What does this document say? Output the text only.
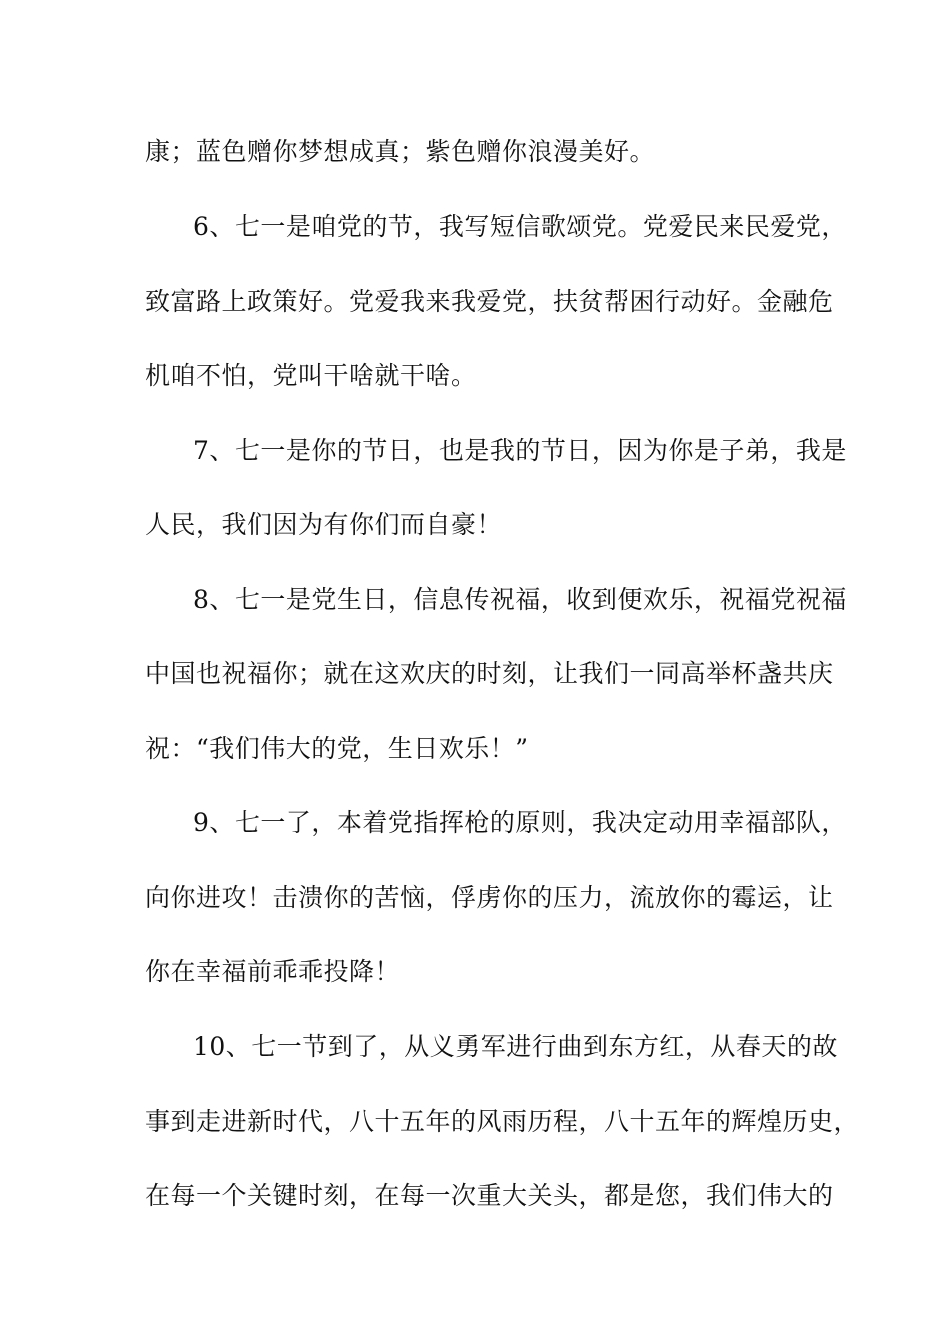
康；蓝色赠你梦想成真；紫色赠你浪漫美好。
6、七一是咱党的节，我写短信歌颂党。党爱民来民爱党，
致富路上政策好。党爱我来我爱党，扶贫帮困行动好。金融危
机咱不怕，党叫干啥就干啥。
7、七一是你的节日，也是我的节日，因为你是子弟，我是
人民，我们因为有你们而自豪！
8、七一是党生日，信息传祝福，收到便欢乐，祝福党祝福
中国也祝福你；就在这欢庆的时刻，让我们一同高举杯盏共庆
祝：“我们伟大的党，生日欢乐！”
9、七一了，本着党指挥枪的原则，我决定动用幸福部队，
向你进攻！击溃你的苦恼，俘虏你的压力，流放你的霉运，让
你在幸福前乖乖投降！
10、七一节到了，从义勇军进行曲到东方红，从春天的故
事到走进新时代，八十五年的风雨历程，八十五年的辉煌历史，
在每一个关键时刻，在每一次重大关头，都是您，我们伟大的
